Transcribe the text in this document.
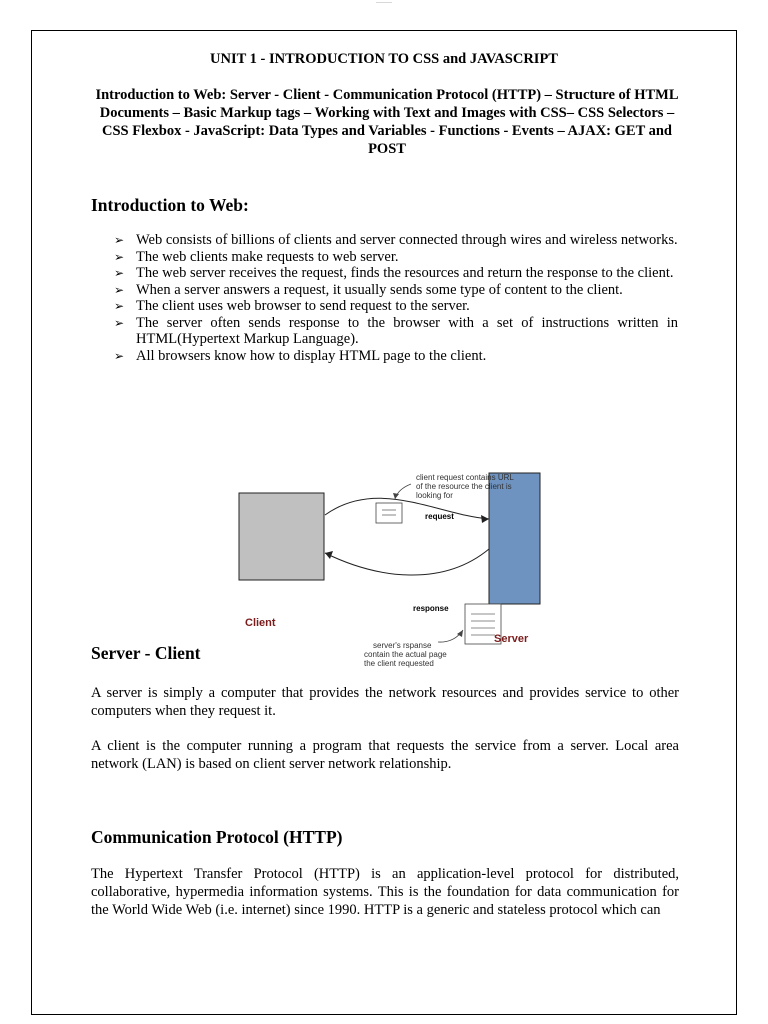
UNIT 1 - INTRODUCTION TO CSS and JAVASCRIPT
Introduction to Web: Server - Client - Communication Protocol (HTTP) – Structure of HTML Documents – Basic Markup tags – Working with Text and Images with CSS– CSS Selectors – CSS Flexbox - JavaScript: Data Types and Variables - Functions - Events – AJAX: GET and POST
Introduction to Web:
➢ Web consists of billions of clients and server connected through wires and wireless networks.
➢ The web clients make requests to web server.
➢ The web server receives the request, finds the resources and return the response to the client.
➢ When a server answers a request, it usually sends some type of content to the client.
➢ The client uses web browser to send request to the server.
➢ The server often sends response to the browser with a set of instructions written in HTML(Hypertext Markup Language).
➢ All browsers know how to display HTML page to the client.
client request contains URL
of the resource the client is
looking for
request
response
Client
Server
server's rspanse
contain the actual page
the client requested
Server - Client

A server is simply a computer that provides the network resources and provides service to other computers when they request it.

A client is the computer running a program that requests the service from a server. Local area network (LAN) is based on client server network relationship.

Communication Protocol (HTTP)

The Hypertext Transfer Protocol (HTTP) is an application-level protocol for distributed, collaborative, hypermedia information systems. This is the foundation for data communication for the World Wide Web (i.e. internet) since 1990. HTTP is a generic and stateless protocol which can
